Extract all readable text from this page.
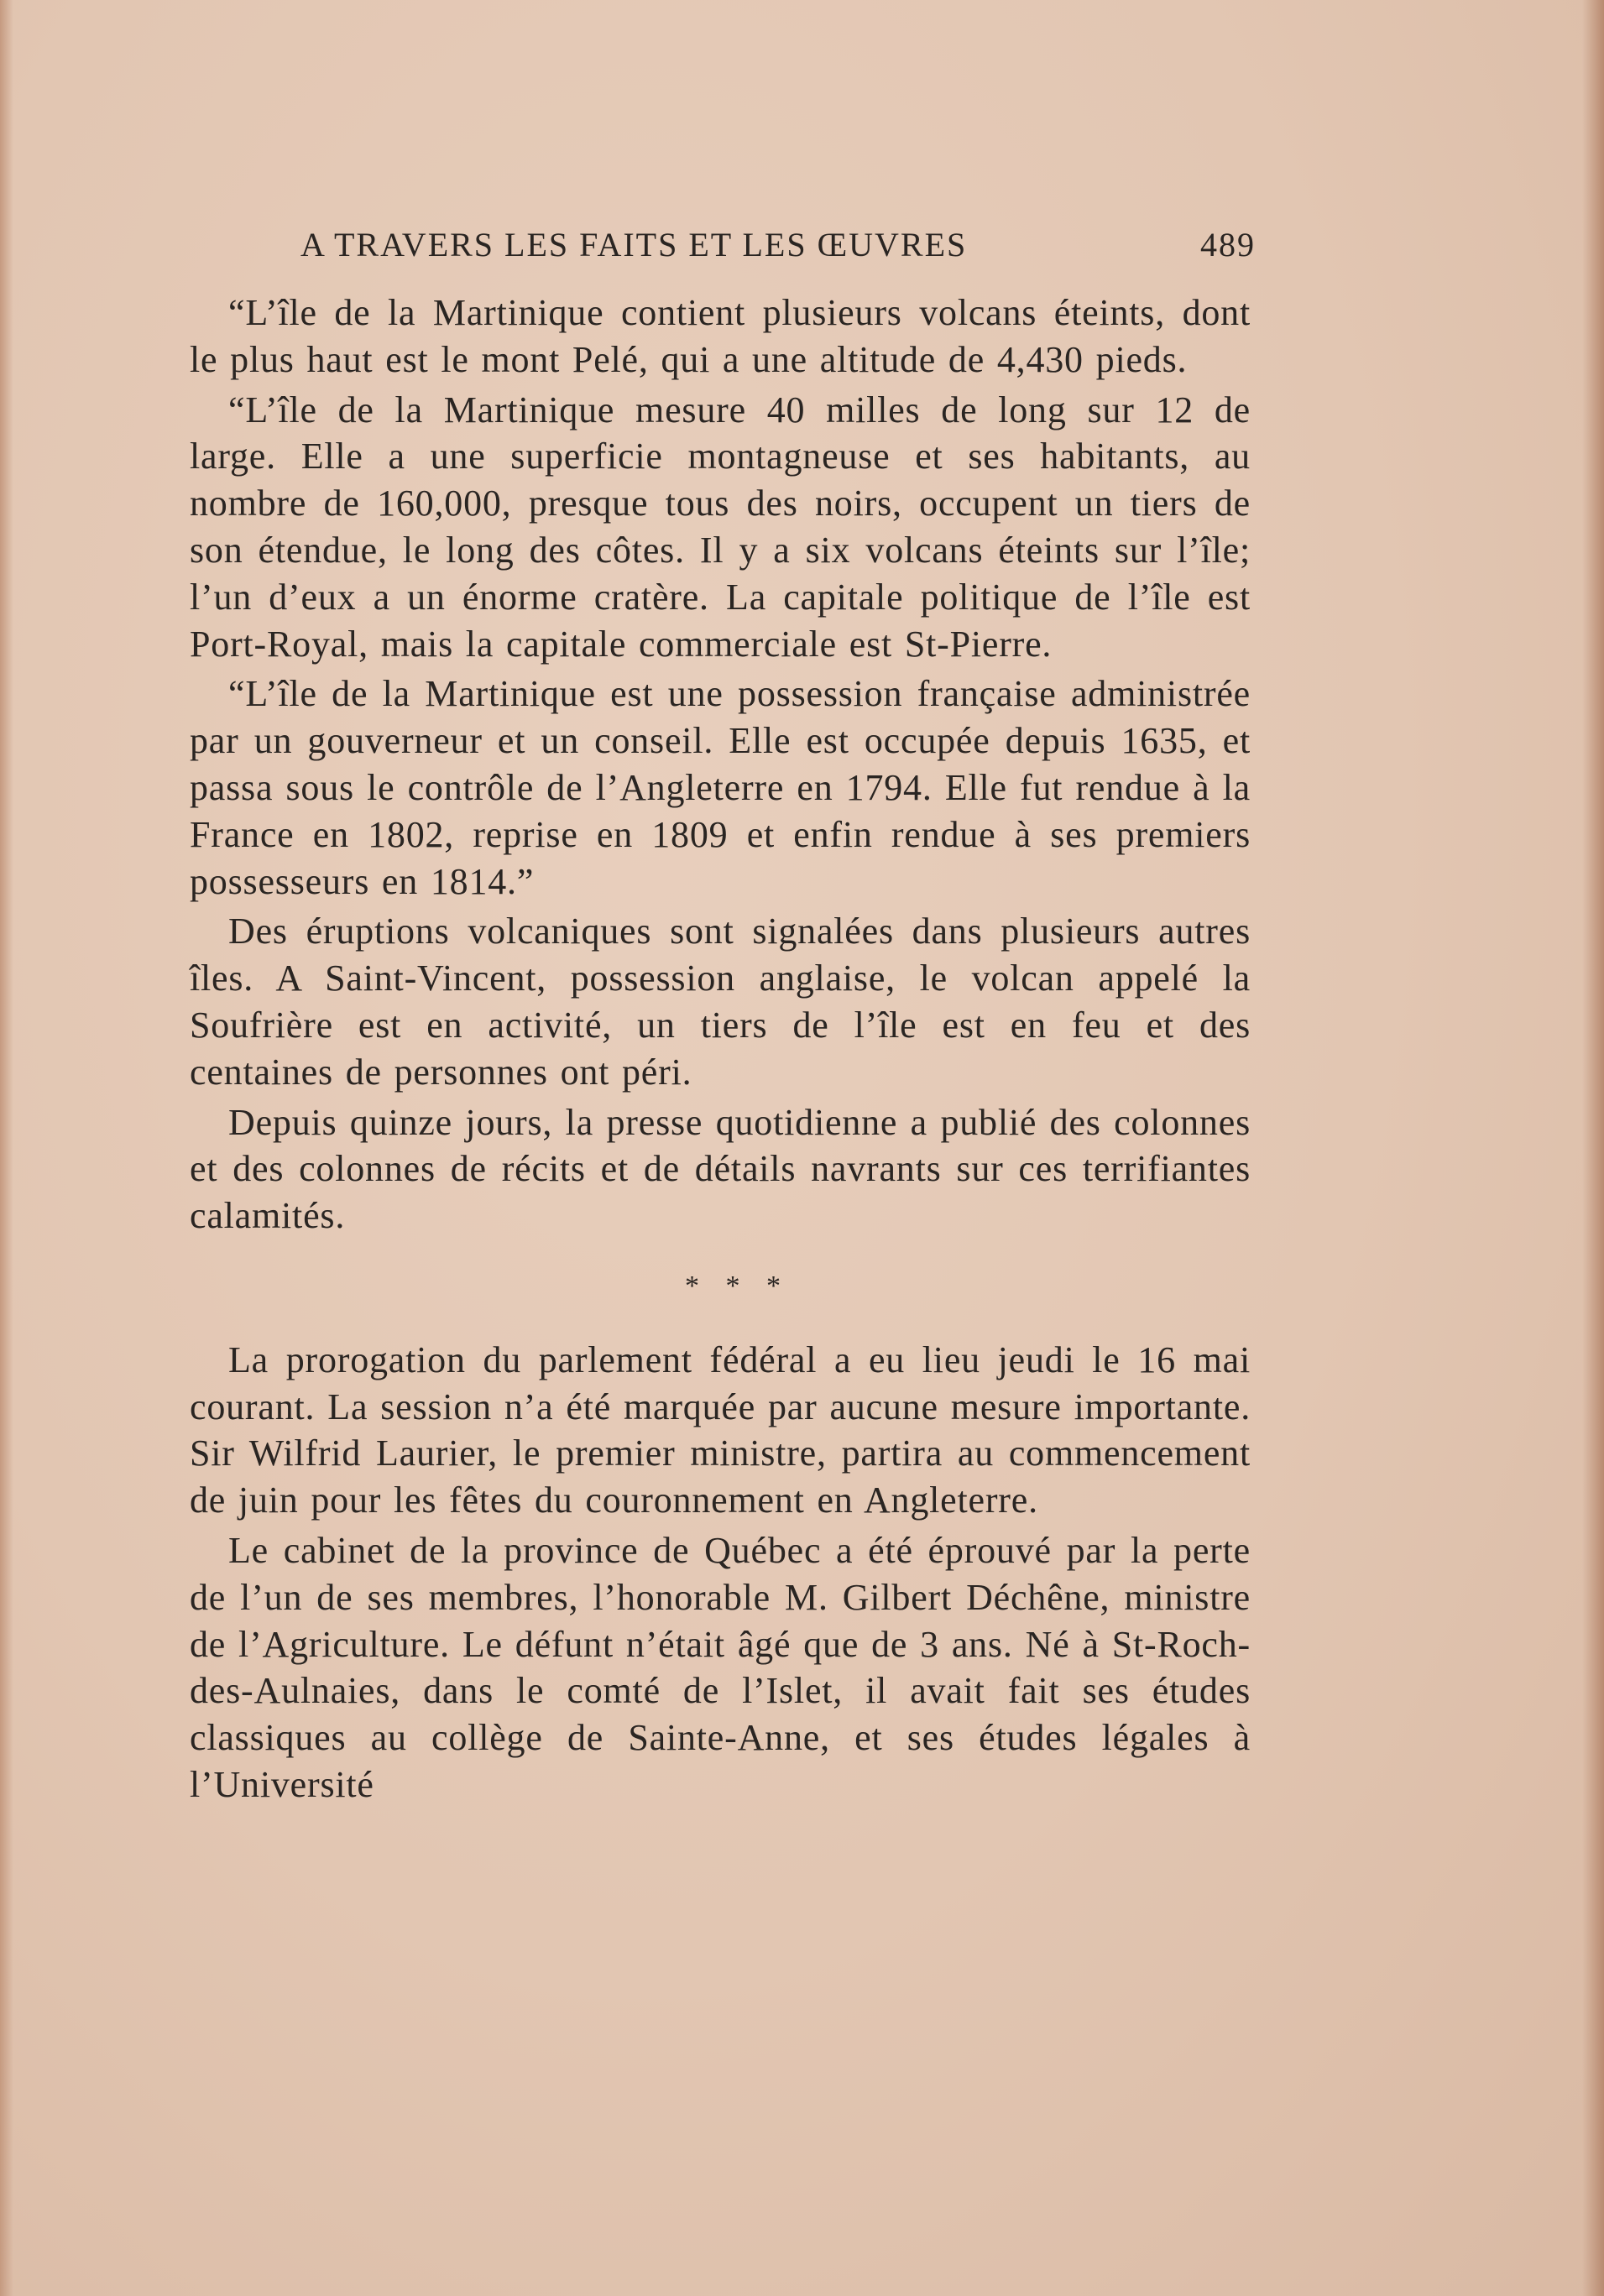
A TRAVERS LES FAITS ET LES ŒUVRES	489

“L’île de la Martinique contient plusieurs volcans éteints, dont le plus haut est le mont Pelé, qui a une altitude de 4,430 pieds.

“L’île de la Martinique mesure 40 milles de long sur 12 de large. Elle a une superficie montagneuse et ses habitants, au nombre de 160,000, presque tous des noirs, occupent un tiers de son étendue, le long des côtes. Il y a six volcans éteints sur l’île; l’un d’eux a un énorme cratère. La capitale politique de l’île est Port-Royal, mais la capitale commerciale est St-Pierre.

“L’île de la Martinique est une possession française administrée par un gouverneur et un conseil. Elle est occupée depuis 1635, et passa sous le contrôle de l’Angleterre en 1794. Elle fut rendue à la France en 1802, reprise en 1809 et enfin rendue à ses premiers possesseurs en 1814.”

Des éruptions volcaniques sont signalées dans plusieurs autres îles. A Saint-Vincent, possession anglaise, le volcan appelé la Soufrière est en activité, un tiers de l’île est en feu et des centaines de personnes ont péri.

Depuis quinze jours, la presse quotidienne a publié des colonnes et des colonnes de récits et de détails navrants sur ces terrifiantes calamités.

* * *

La prorogation du parlement fédéral a eu lieu jeudi le 16 mai courant. La session n’a été marquée par aucune mesure importante. Sir Wilfrid Laurier, le premier ministre, partira au commencement de juin pour les fêtes du couronnement en Angleterre.

Le cabinet de la province de Québec a été éprouvé par la perte de l’un de ses membres, l’honorable M. Gilbert Déchêne, ministre de l’Agriculture. Le défunt n’était âgé que de 3 ans. Né à St-Roch-des-Aulnaies, dans le comté de l’Islet, il avait fait ses études classiques au collège de Sainte-Anne, et ses études légales à l’Université
